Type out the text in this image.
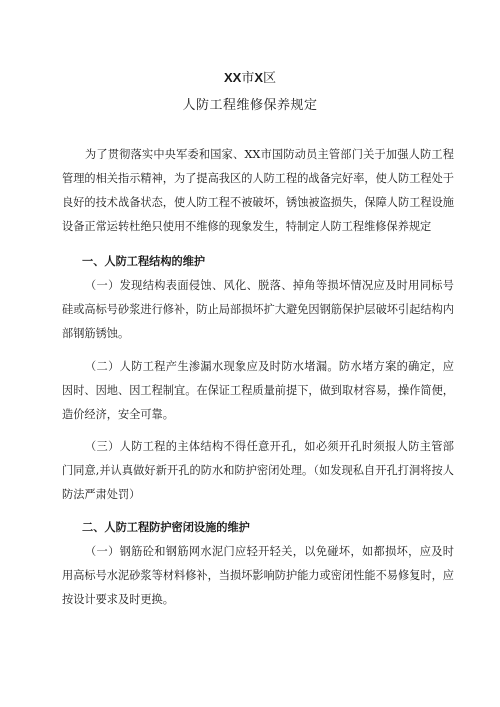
XX市X区
人防工程维修保养规定

为了贯彻落实中央军委和国家、XX市国防动员主管部门关于加强人防工程管理的相关指示精神，为了提高我区的人防工程的战备完好率，使人防工程处于良好的技术战备状态，使人防工程不被破坏，锈蚀被盗损失，保障人防工程设施设备正常运转杜绝只使用不维修的现象发生，特制定人防工程维修保养规定

一、人防工程结构的维护

（一）发现结构表面侵蚀、风化、脱落、掉角等损坏情况应及时用同标号硅或高标号砂浆进行修补，防止局部损坏扩大避免因钢筋保护层破坏引起结构内部钢筋锈蚀。

（二）人防工程产生渗漏水现象应及时防水堵漏。防水堵方案的确定，应因时、因地、因工程制宜。在保证工程质量前提下，做到取材容易，操作简便，造价经济，安全可靠。

（三）人防工程的主体结构不得任意开孔，如必须开孔时须报人防主管部门同意,并认真做好新开孔的防水和防护密闭处理。（如发现私自开孔打洞将按人防法严肃处罚）

二、人防工程防护密闭设施的维护

（一）钢筋砼和钢筋网水泥门应轻开轻关，以免碰坏，如都损坏，应及时用高标号水泥砂浆等材料修补，当损坏影响防护能力或密闭性能不易修复时，应按设计要求及时更换。
